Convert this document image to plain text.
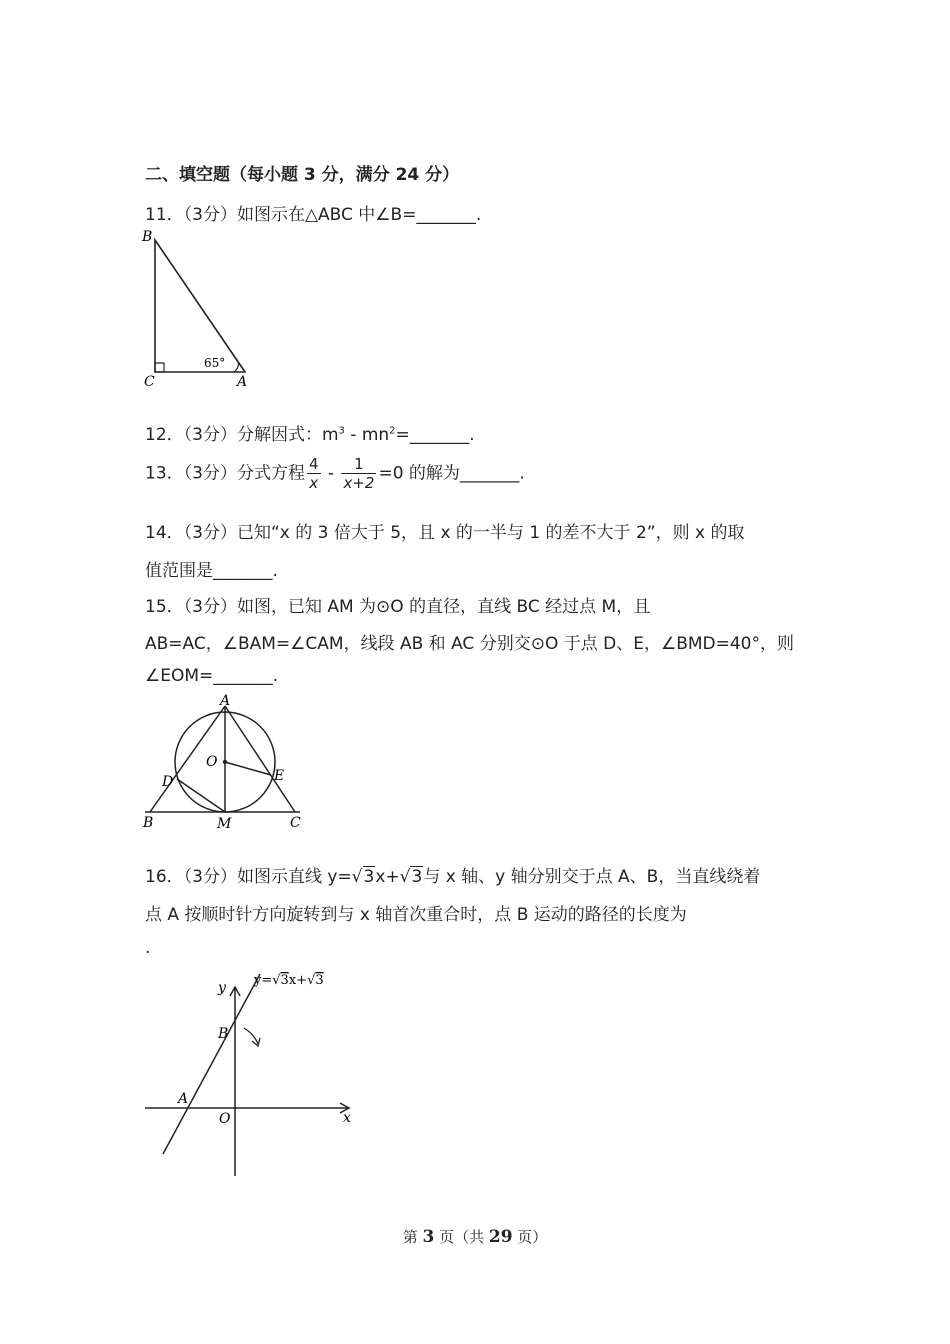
二、填空题（每小题 3 分，满分 24 分）
11．（3分）如图示在△ABC 中∠B=_______.
B
C	A
65°
12．（3分）分解因式：$m^3$ - $mn^2=\_\_\_\_\_\_\_$.
13．（3分）分式方程 $\frac{4}{x} - \frac{1}{x+2} =0$ 的解为_______.
14．（3分）已知“x 的 3 倍大于 5，且 x 的一半与 1 的差不大于 2”，则 x 的取
值范围是_______.
15．（3分）如图，已知 AM 为⊙O 的直径，直线 BC 经过点 M，且
AB=AC，∠BAM=∠CAM，线段 AB 和 AC 分别交⊙O 于点 D、E，∠BMD=40°，则
∠EOM=_______.
A
O
D	E
B	M	C
16．（3分）如图示直线 y=√3x+√3与 x 轴、y 轴分别交于点 A、B，当直线绕着
点 A 按顺时针方向旋转到与 x 轴首次重合时，点 B 运动的路径的长度为
.
y=√3x+√3
y
x
B
A
O
第 3 页（共 29 页）
